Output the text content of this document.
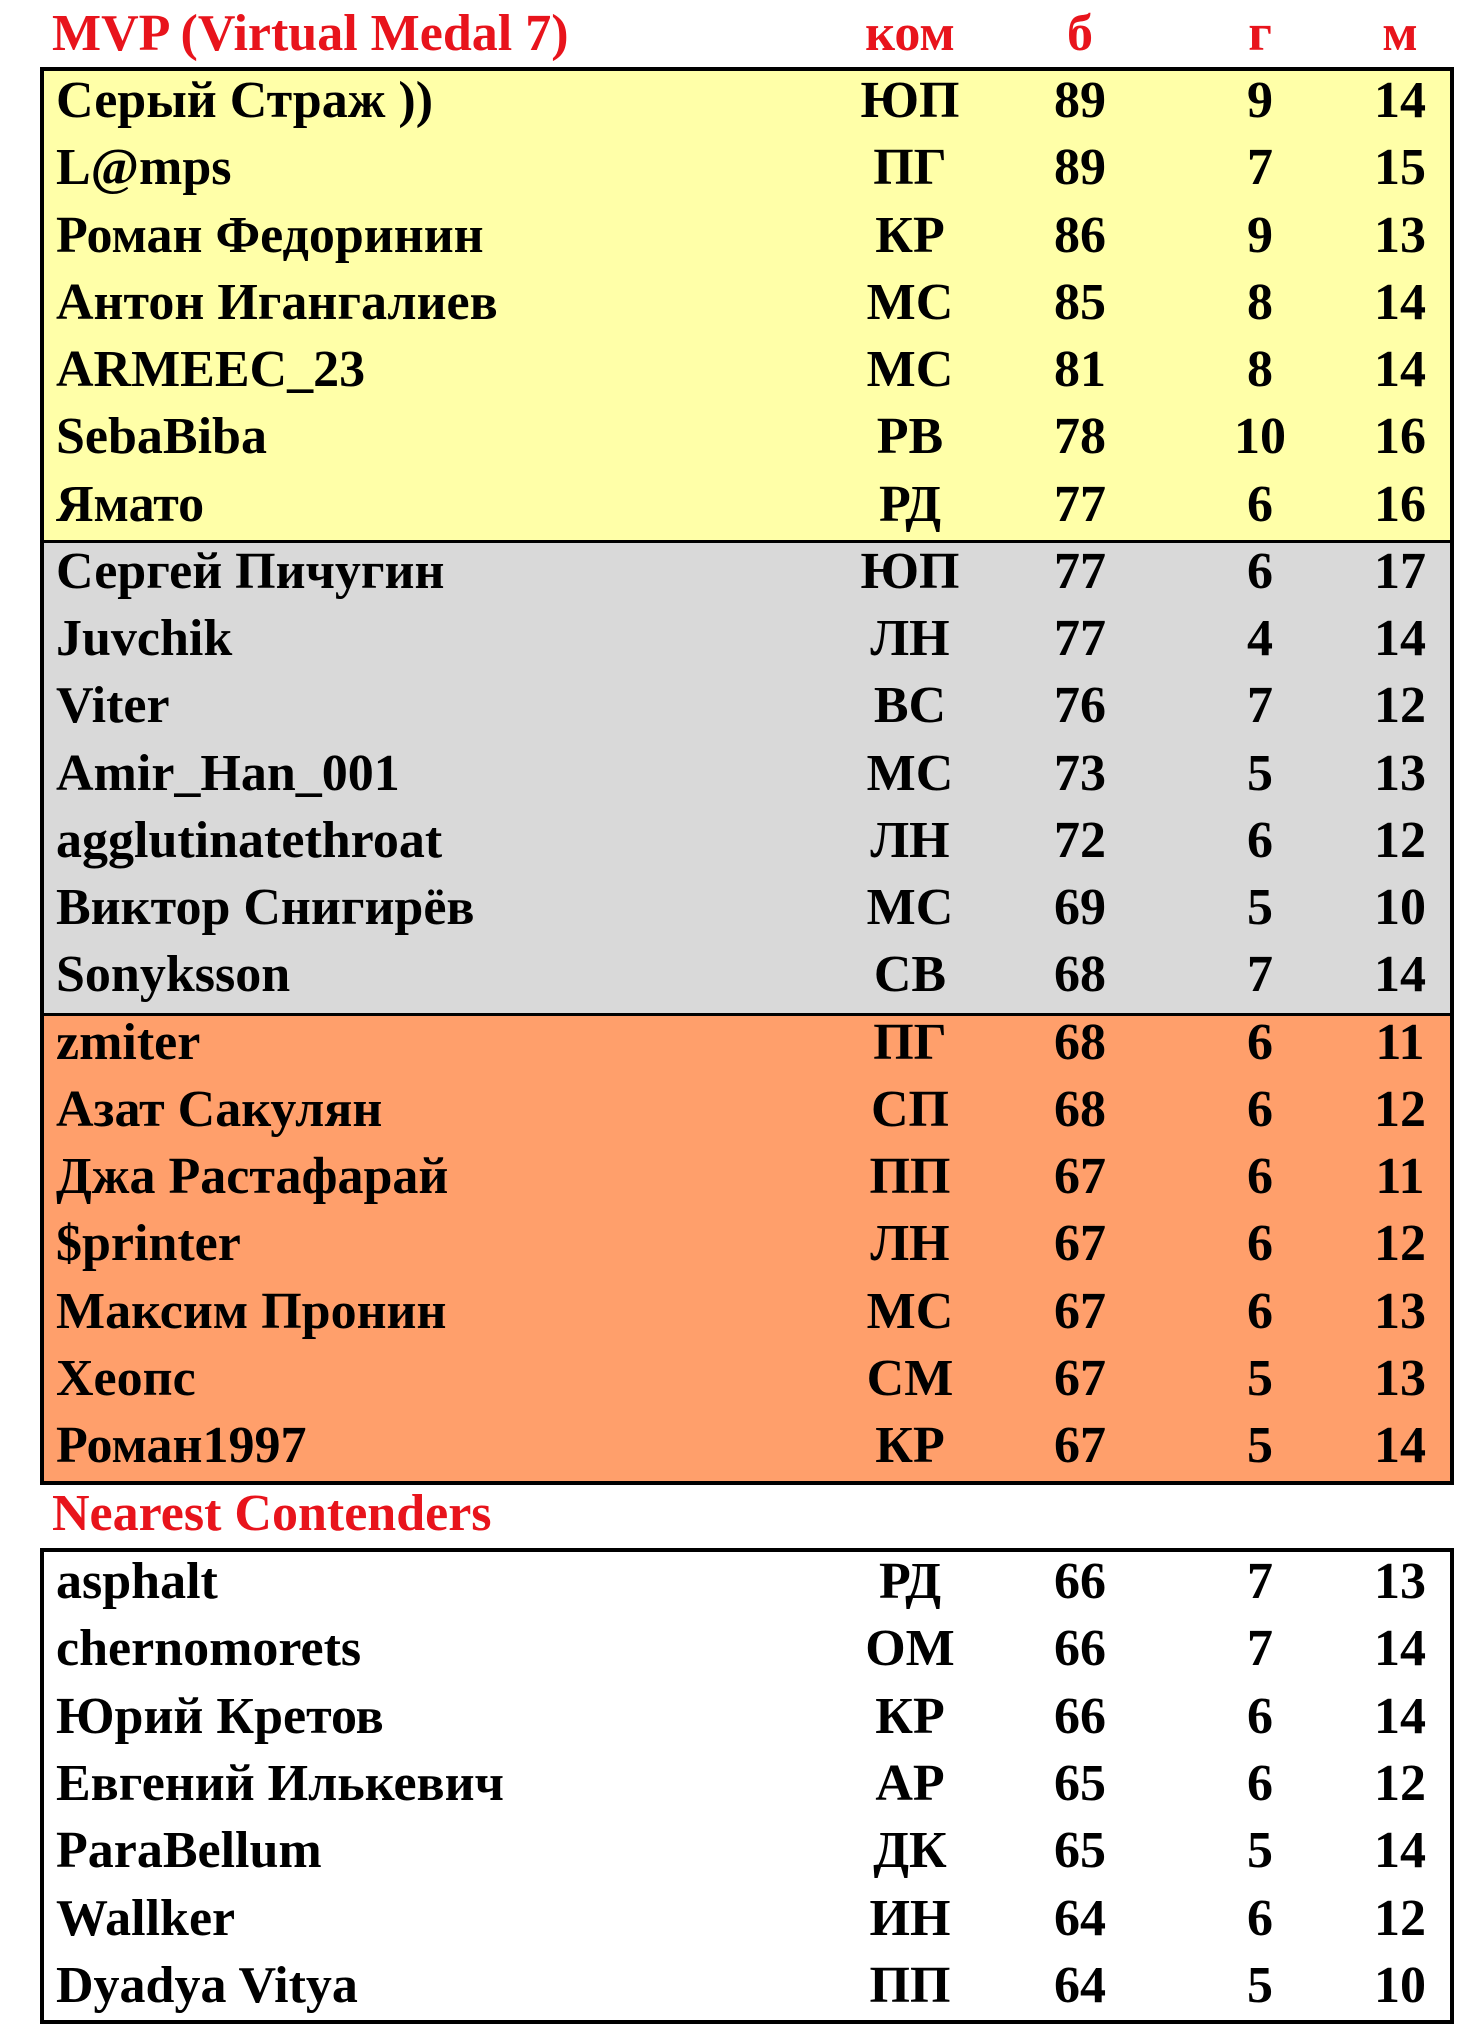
MVP (Virtual Medal 7)	ком	б	г	м
Серый Страж ))	ЮП	89	9	14
L@mps	ПГ	89	7	15
Роман Федоринин	КР	86	9	13
Антон Игангалиев	МС	85	8	14
ARMEEC_23	МС	81	8	14
SebaBiba	РВ	78	10	16
Ямато	РД	77	6	16
Сергей Пичугин	ЮП	77	6	17
Juvchik	ЛН	77	4	14
Viter	ВС	76	7	12
Amir_Han_001	МС	73	5	13
agglutinatethroat	ЛН	72	6	12
Виктор Снигирёв	МС	69	5	10
Sonyksson	СВ	68	7	14
zmiter	ПГ	68	6	11
Азат Сакулян	СП	68	6	12
Джа Растафарай	ПП	67	6	11
$printer	ЛН	67	6	12
Максим Пронин	МС	67	6	13
Хеопс	СМ	67	5	13
Роман1997	КР	67	5	14
Nearest Contenders
asphalt	РД	66	7	13
chernomorets	ОМ	66	7	14
Юрий Кретов	КР	66	6	14
Евгений Илькевич	АР	65	6	12
ParaBellum	ДК	65	5	14
Wallker	ИН	64	6	12
Dyadya Vitya	ПП	64	5	10
